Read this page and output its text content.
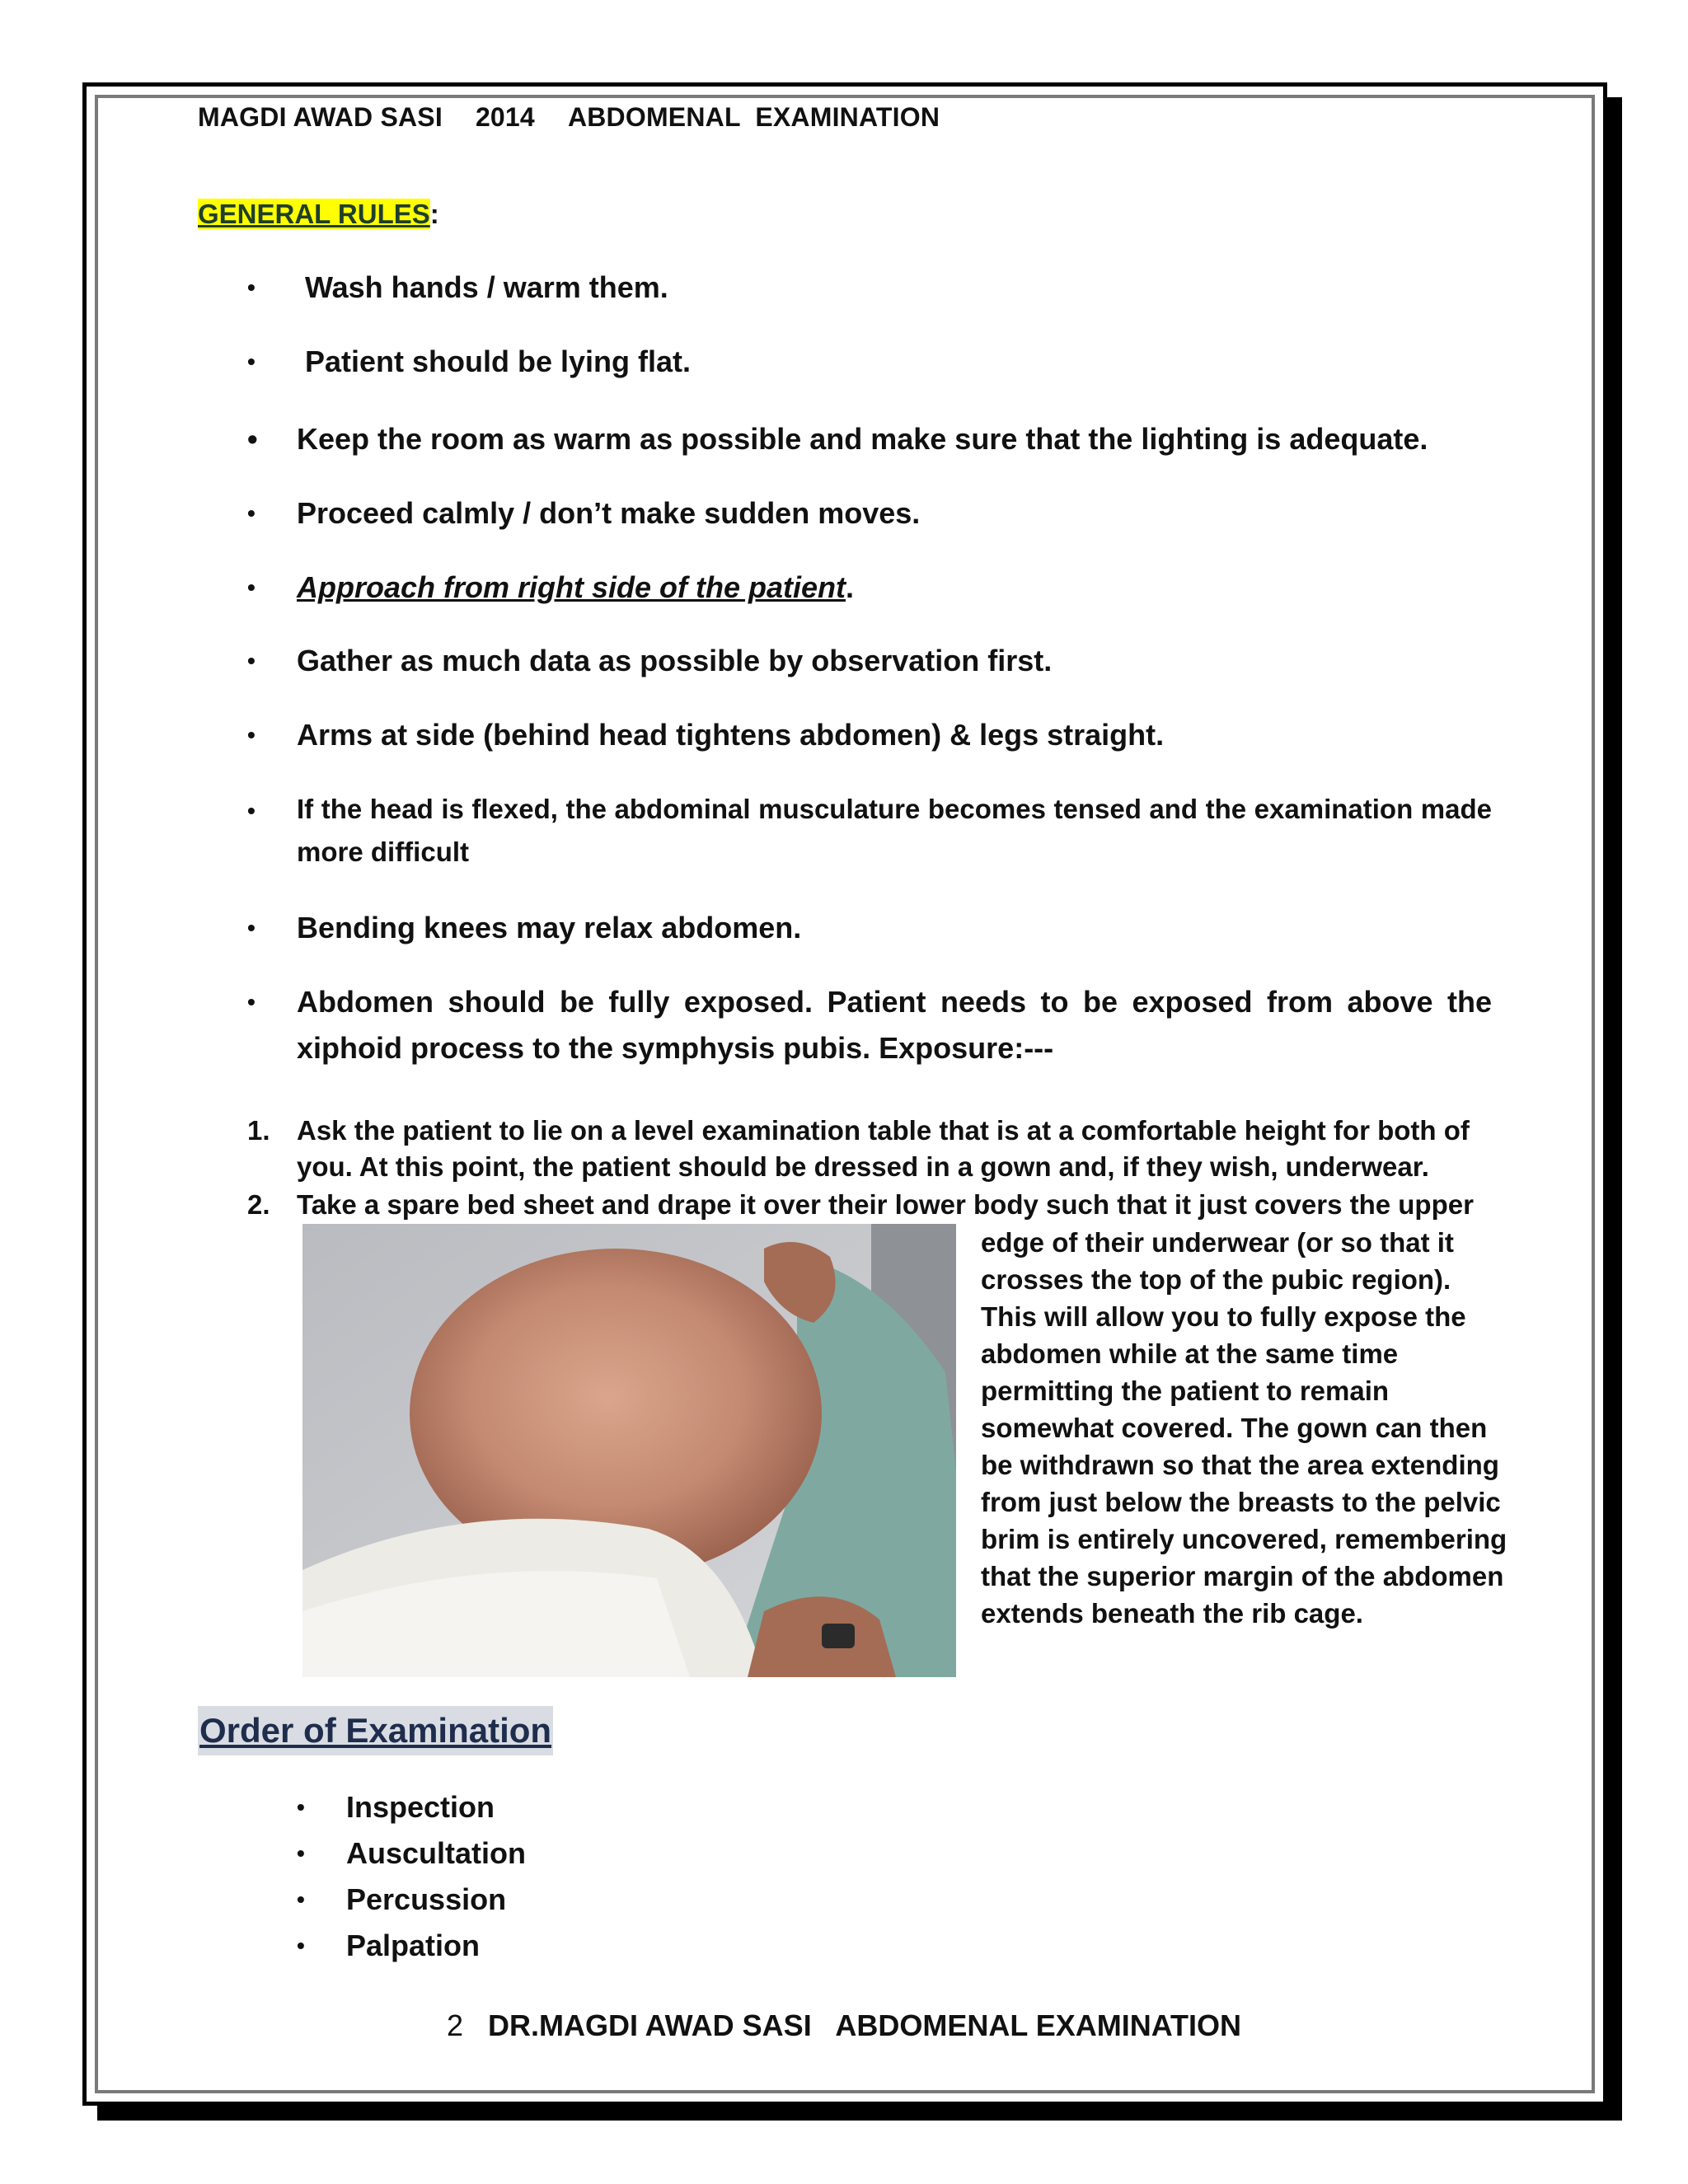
MAGDI AWAD SASI 2014 ABDOMENAL  EXAMINATION
GENERAL RULES:
• Wash hands / warm them.
• Patient should be lying flat.
• Keep the room as warm as possible and make sure that the lighting is adequate.
• Proceed calmly / don’t make sudden moves.
• Approach from right side of the patient.
• Gather as much data as possible by observation first.
• Arms at side (behind head tightens abdomen) & legs straight.
• If the head is flexed, the abdominal musculature becomes tensed and the examination made more difficult
• Bending knees may relax abdomen.
• Abdomen should be fully exposed. Patient needs to be exposed from above the xiphoid process to the symphysis pubis. Exposure:---
1. Ask the patient to lie on a level examination table that is at a comfortable height for both of you. At this point, the patient should be dressed in a gown and, if they wish, underwear.
2. Take a spare bed sheet and drape it over their lower body such that it just covers the upper
edge of their underwear (or so that it crosses the top of the pubic region). This will allow you to fully expose the abdomen while at the same time permitting the patient to remain somewhat covered. The gown can then be withdrawn so that the area extending from just below the breasts to the pelvic brim is entirely uncovered, remembering that the superior margin of the abdomen extends beneath the rib cage.
Order of Examination
• Inspection
• Auscultation
• Percussion
• Palpation
2 DR.MAGDI AWAD SASI   ABDOMENAL EXAMINATION
